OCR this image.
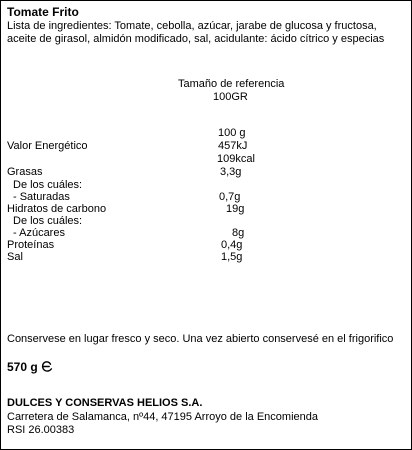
Tomate Frito
Lista de ingredientes: Tomate, cebolla, azúcar, jarabe de glucosa y fructosa,
aceite de girasol, almidón modificado, sal, acidulante: ácido cítrico y especias
Tamaño de referencia
100GR
100 g
Valor Energético	457kJ
109kcal
Grasas	3,3g
De los cuáles:
- Saturadas	0,7g
Hidratos de carbono	19g
De los cuáles:
- Azúcares	8g
Proteínas	0,4g
Sal	1,5g
Conservese en lugar fresco y seco. Una vez abierto conservesé en el frigorifico
570 g
DULCES Y CONSERVAS HELIOS S.A.
Carretera de Salamanca, nº44, 47195 Arroyo de la Encomienda
RSI 26.00383
